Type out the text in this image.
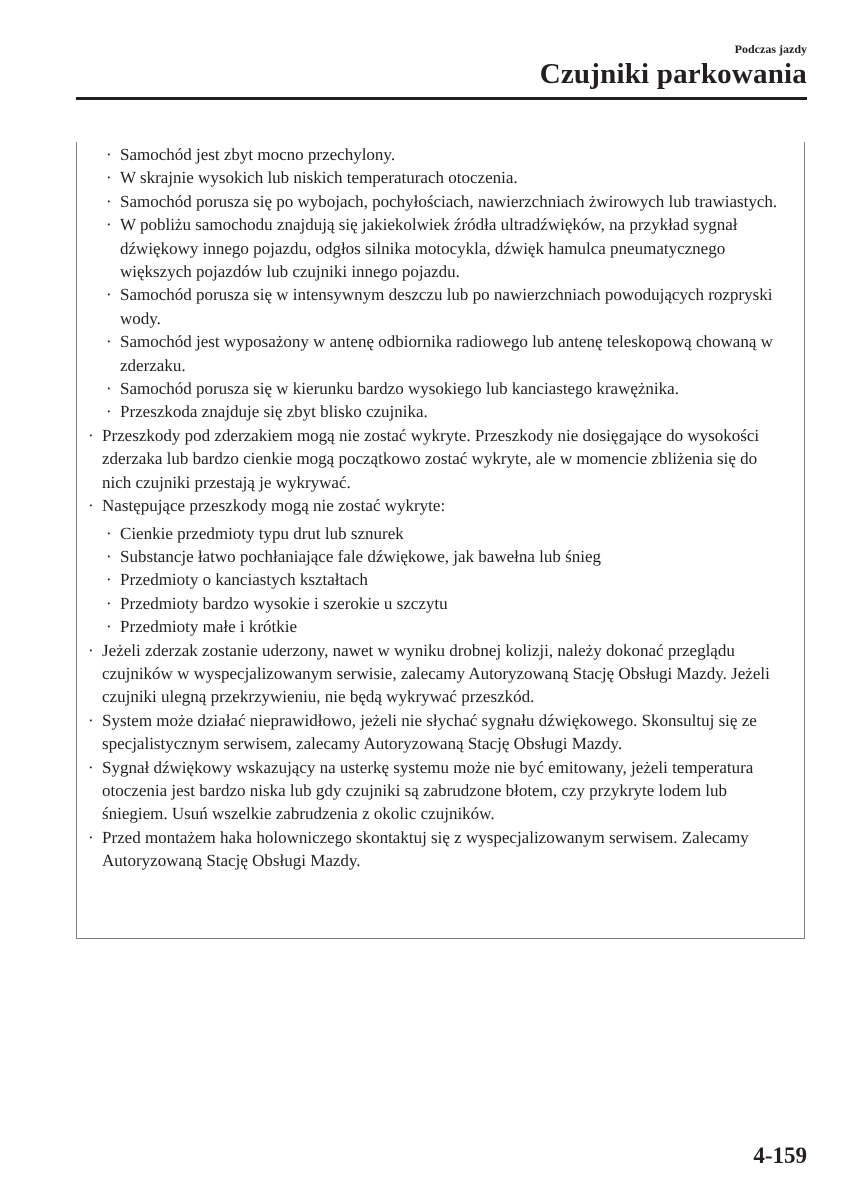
Podczas jazdy
Czujniki parkowania
· Samochód jest zbyt mocno przechylony.
· W skrajnie wysokich lub niskich temperaturach otoczenia.
· Samochód porusza się po wybojach, pochyłościach, nawierzchniach żwirowych lub trawiastych.
· W pobliżu samochodu znajdują się jakiekolwiek źródła ultradźwięków, na przykład sygnał dźwiękowy innego pojazdu, odgłos silnika motocykla, dźwięk hamulca pneumatycznego większych pojazdów lub czujniki innego pojazdu.
· Samochód porusza się w intensywnym deszczu lub po nawierzchniach powodujących rozpryski wody.
· Samochód jest wyposażony w antenę odbiornika radiowego lub antenę teleskopową chowaną w zderzaku.
· Samochód porusza się w kierunku bardzo wysokiego lub kanciastego krawężnika.
· Przeszkoda znajduje się zbyt blisko czujnika.
· Przeszkody pod zderzakiem mogą nie zostać wykryte. Przeszkody nie dosięgające do wysokości zderzaka lub bardzo cienkie mogą początkowo zostać wykryte, ale w momencie zbliżenia się do nich czujniki przestają je wykrywać.
· Następujące przeszkody mogą nie zostać wykryte:
· Cienkie przedmioty typu drut lub sznurek
· Substancje łatwo pochłaniające fale dźwiękowe, jak bawełna lub śnieg
· Przedmioty o kanciastych kształtach
· Przedmioty bardzo wysokie i szerokie u szczytu
· Przedmioty małe i krótkie
· Jeżeli zderzak zostanie uderzony, nawet w wyniku drobnej kolizji, należy dokonać przeglądu czujników w wyspecjalizowanym serwisie, zalecamy Autoryzowaną Stację Obsługi Mazdy. Jeżeli czujniki ulegną przekrzywieniu, nie będą wykrywać przeszkód.
· System może działać nieprawidłowo, jeżeli nie słychać sygnału dźwiękowego. Skonsultuj się ze specjalistycznym serwisem, zalecamy Autoryzowaną Stację Obsługi Mazdy.
· Sygnał dźwiękowy wskazujący na usterkę systemu może nie być emitowany, jeżeli temperatura otoczenia jest bardzo niska lub gdy czujniki są zabrudzone błotem, czy przykryte lodem lub śniegiem. Usuń wszelkie zabrudzenia z okolic czujników.
· Przed montażem haka holowniczego skontaktuj się z wyspecjalizowanym serwisem. Zalecamy Autoryzowaną Stację Obsługi Mazdy.
4-159
